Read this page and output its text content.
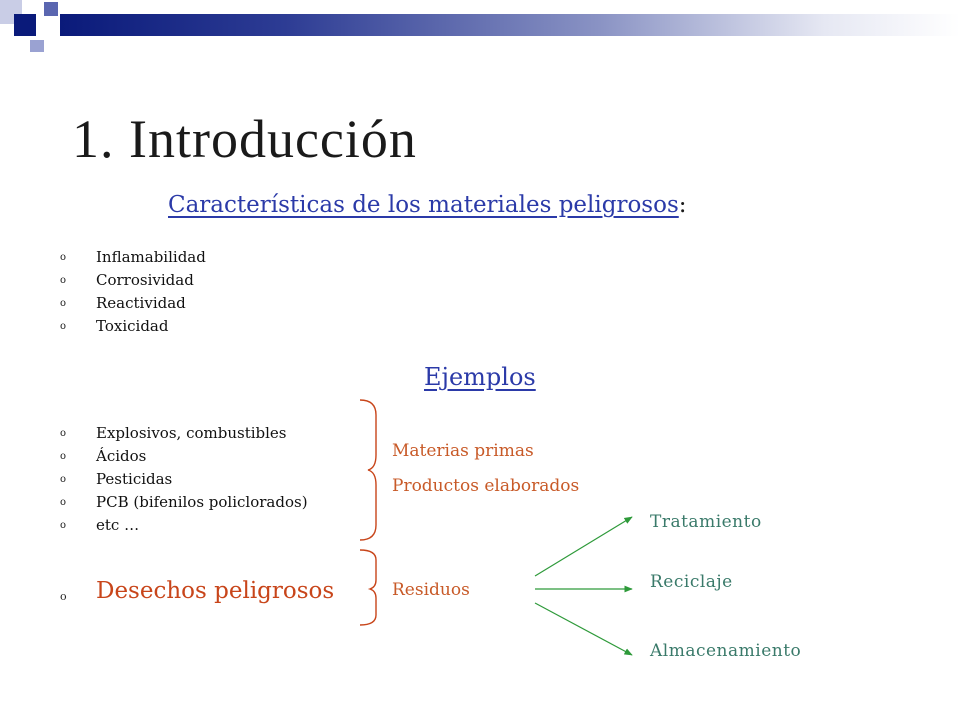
1. Introducción
Características de los materiales peligrosos:
o Inflamabilidad
o Corrosividad
o Reactividad
o Toxicidad
Ejemplos
o Explosivos, combustibles
o Ácidos
o Pesticidas
o PCB (bifenilos policlorados)
o etc …
o Desechos peligrosos
Materias primas
Productos elaborados
Residuos
Tratamiento
Reciclaje
Almacenamiento
